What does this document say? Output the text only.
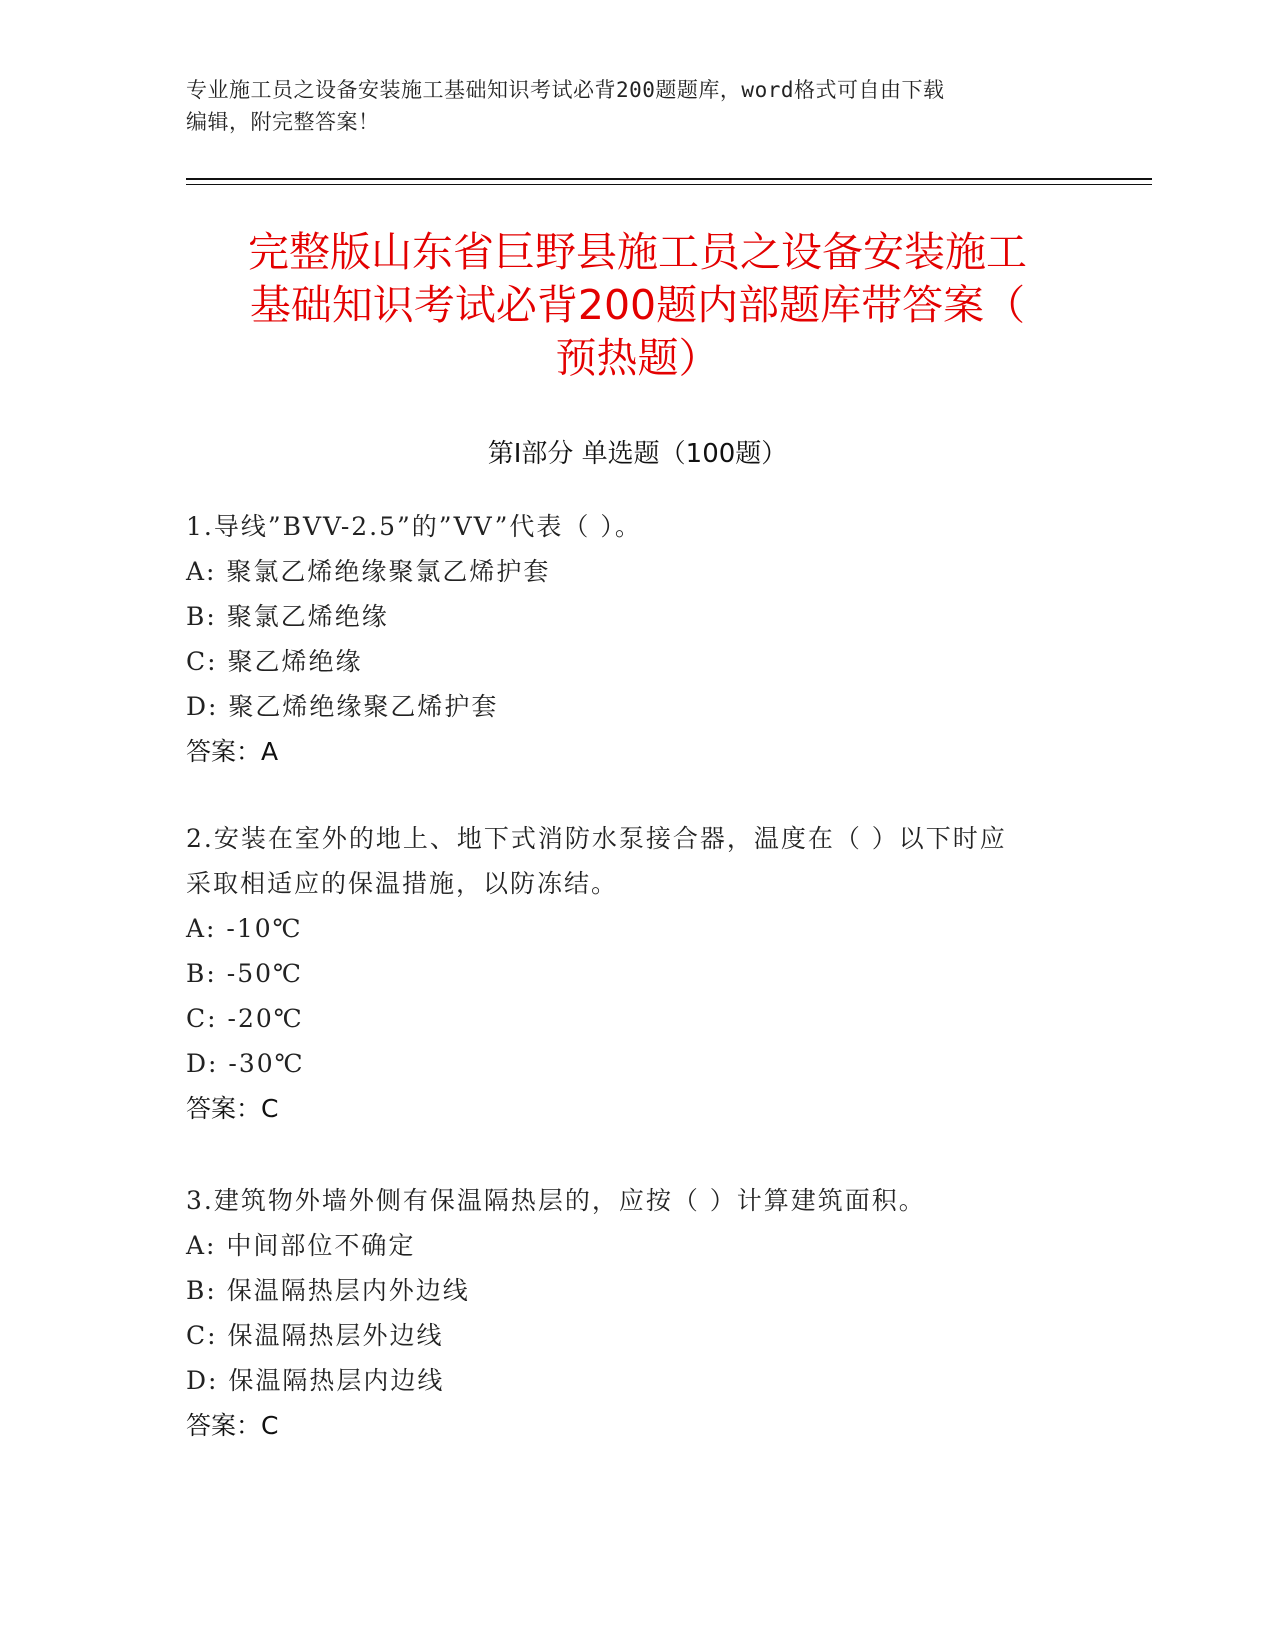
专业施工员之设备安装施工基础知识考试必背200题题库，word格式可自由下载
编辑，附完整答案！
完整版山东省巨野县施工员之设备安装施工
基础知识考试必背200题内部题库带答案（
预热题）
第I部分 单选题（100题）

1.导线”BVV-2.5”的”VV”代表（ ）。

A: 聚氯乙烯绝缘聚氯乙烯护套

B: 聚氯乙烯绝缘

C: 聚乙烯绝缘

D: 聚乙烯绝缘聚乙烯护套

答案：A

2.安装在室外的地上、地下式消防水泵接合器，温度在（ ）以下时应

采取相适应的保温措施，以防冻结。

A: -10℃

B: -50℃

C: -20℃

D: -30℃

答案：C

3.建筑物外墙外侧有保温隔热层的，应按（ ）计算建筑面积。

A: 中间部位不确定

B: 保温隔热层内外边线

C: 保温隔热层外边线

D: 保温隔热层内边线

答案：C
